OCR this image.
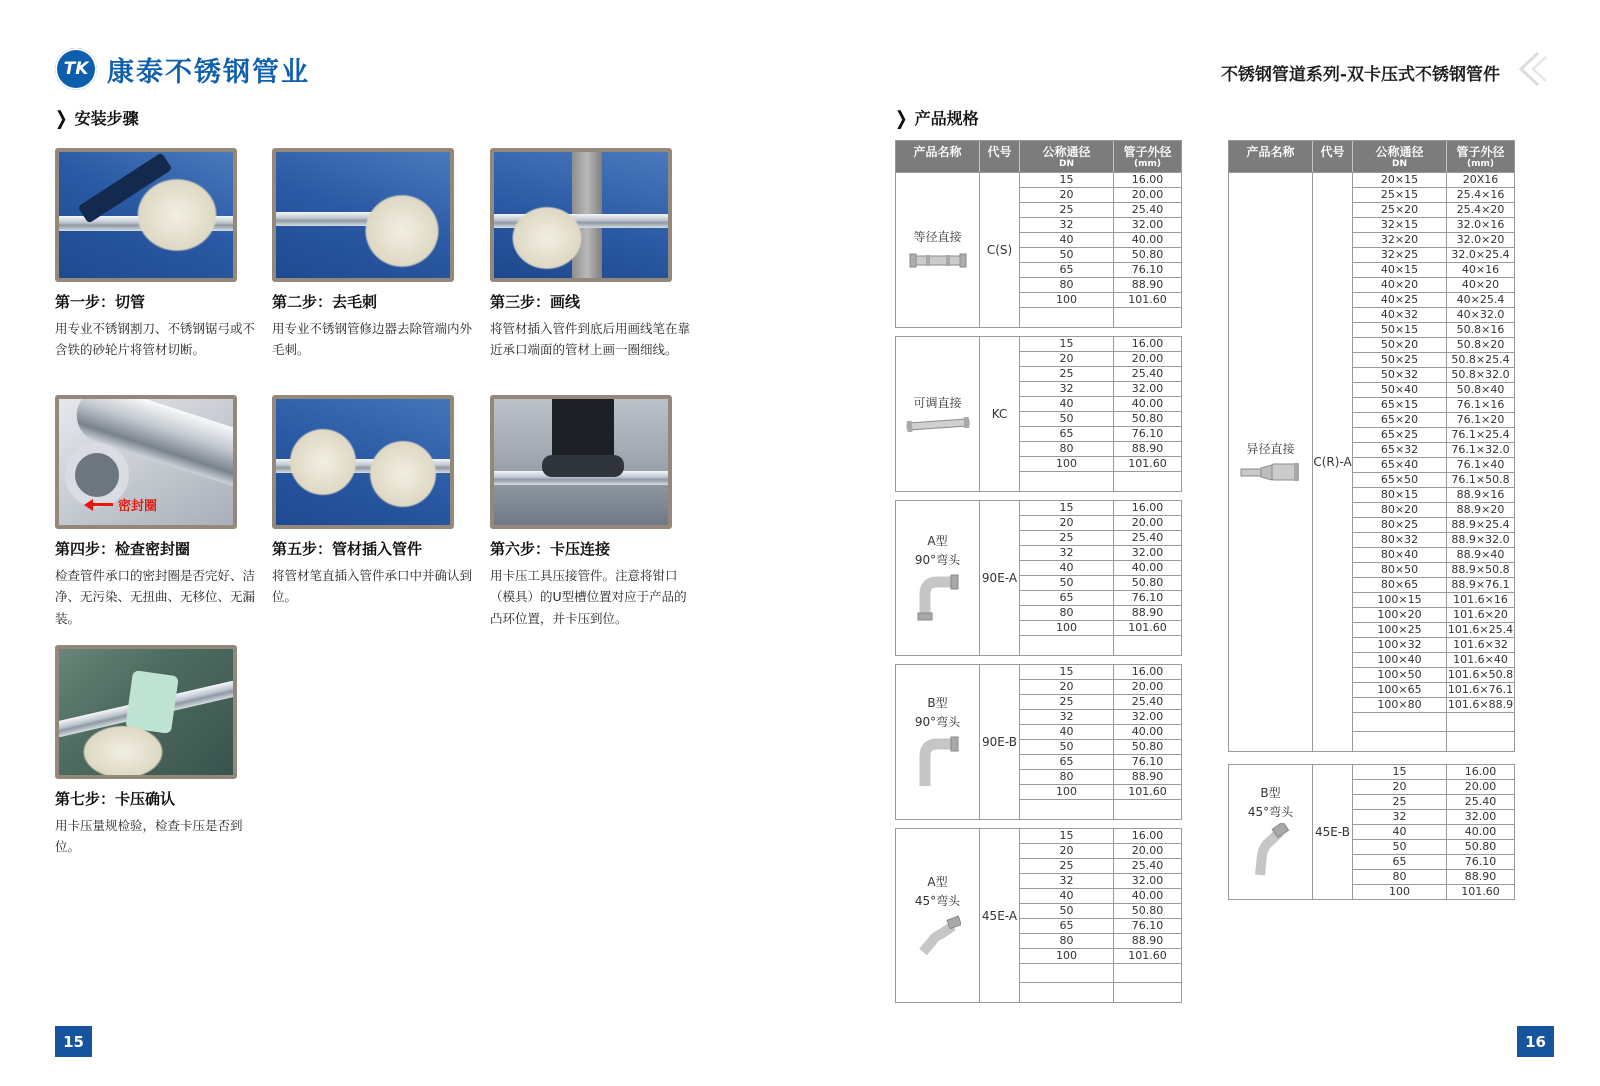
TK 康泰不锈钢管业	不锈钢管道系列-双卡压式不锈钢管件
❯ 安装步骤
第一步：切管
用专业不锈钢割刀、不锈钢锯弓或不含铁的砂轮片将管材切断。
第二步：去毛刺
用专业不锈钢管修边器去除管端内外毛刺。
第三步：画线
将管材插入管件到底后用画线笔在靠近承口端面的管材上画一圈细线。
密封圈
第四步：检查密封圈
检查管件承口的密封圈是否完好、洁净、无污染、无扭曲、无移位、无漏装。
第五步：管材插入管件
将管材笔直插入管件承口中并确认到位。
第六步：卡压连接
用卡压工具压接管件。注意将钳口（模具）的U型槽位置对应于产品的凸环位置，并卡压到位。
第七步：卡压确认
用卡压量规检验，检查卡压是否到位。
❯ 产品规格
产品名称	代号	公称通径
DN
管子外径
(mm)
等径直接
C(S)
15	16.00
20	20.00
25	25.40
32	32.00
40	40.00
50	50.80
65	76.10
80	88.90
100	101.60
可调直接
KC
15	16.00
20	20.00
25	25.40
32	32.00
40	40.00
50	50.80
65	76.10
80	88.90
100	101.60
A型
90°弯头
90E-A
15	16.00
20	20.00
25	25.40
32	32.00
40	40.00
50	50.80
65	76.10
80	88.90
100	101.60
B型
90°弯头
90E-B
15	16.00
20	20.00
25	25.40
32	32.00
40	40.00
50	50.80
65	76.10
80	88.90
100	101.60
A型
45°弯头
45E-A
15	16.00
20	20.00
25	25.40
32	32.00
40	40.00
50	50.80
65	76.10
80	88.90
100	101.60
产品名称	代号	公称通径
DN
管子外径
(mm)
异径直接
C(R)-A
20×15	20X16
25×15	25.4×16
25×20	25.4×20
32×15	32.0×16
32×20	32.0×20
32×25	32.0×25.4
40×15	40×16
40×20	40×20
40×25	40×25.4
40×32	40×32.0
50×15	50.8×16
50×20	50.8×20
50×25	50.8×25.4
50×32	50.8×32.0
50×40	50.8×40
65×15	76.1×16
65×20	76.1×20
65×25	76.1×25.4
65×32	76.1×32.0
65×40	76.1×40
65×50	76.1×50.8
80×15	88.9×16
80×20	88.9×20
80×25	88.9×25.4
80×32	88.9×32.0
80×40	88.9×40
80×50	88.9×50.8
80×65	88.9×76.1
100×15	101.6×16
100×20	101.6×20
100×25	101.6×25.4
100×32	101.6×32
100×40	101.6×40
100×50	101.6×50.8
100×65	101.6×76.1
100×80	101.6×88.9
B型
45°弯头
45E-B
15	16.00
20	20.00
25	25.40
32	32.00
40	40.00
50	50.80
65	76.10
80	88.90
100	101.60
15	16
